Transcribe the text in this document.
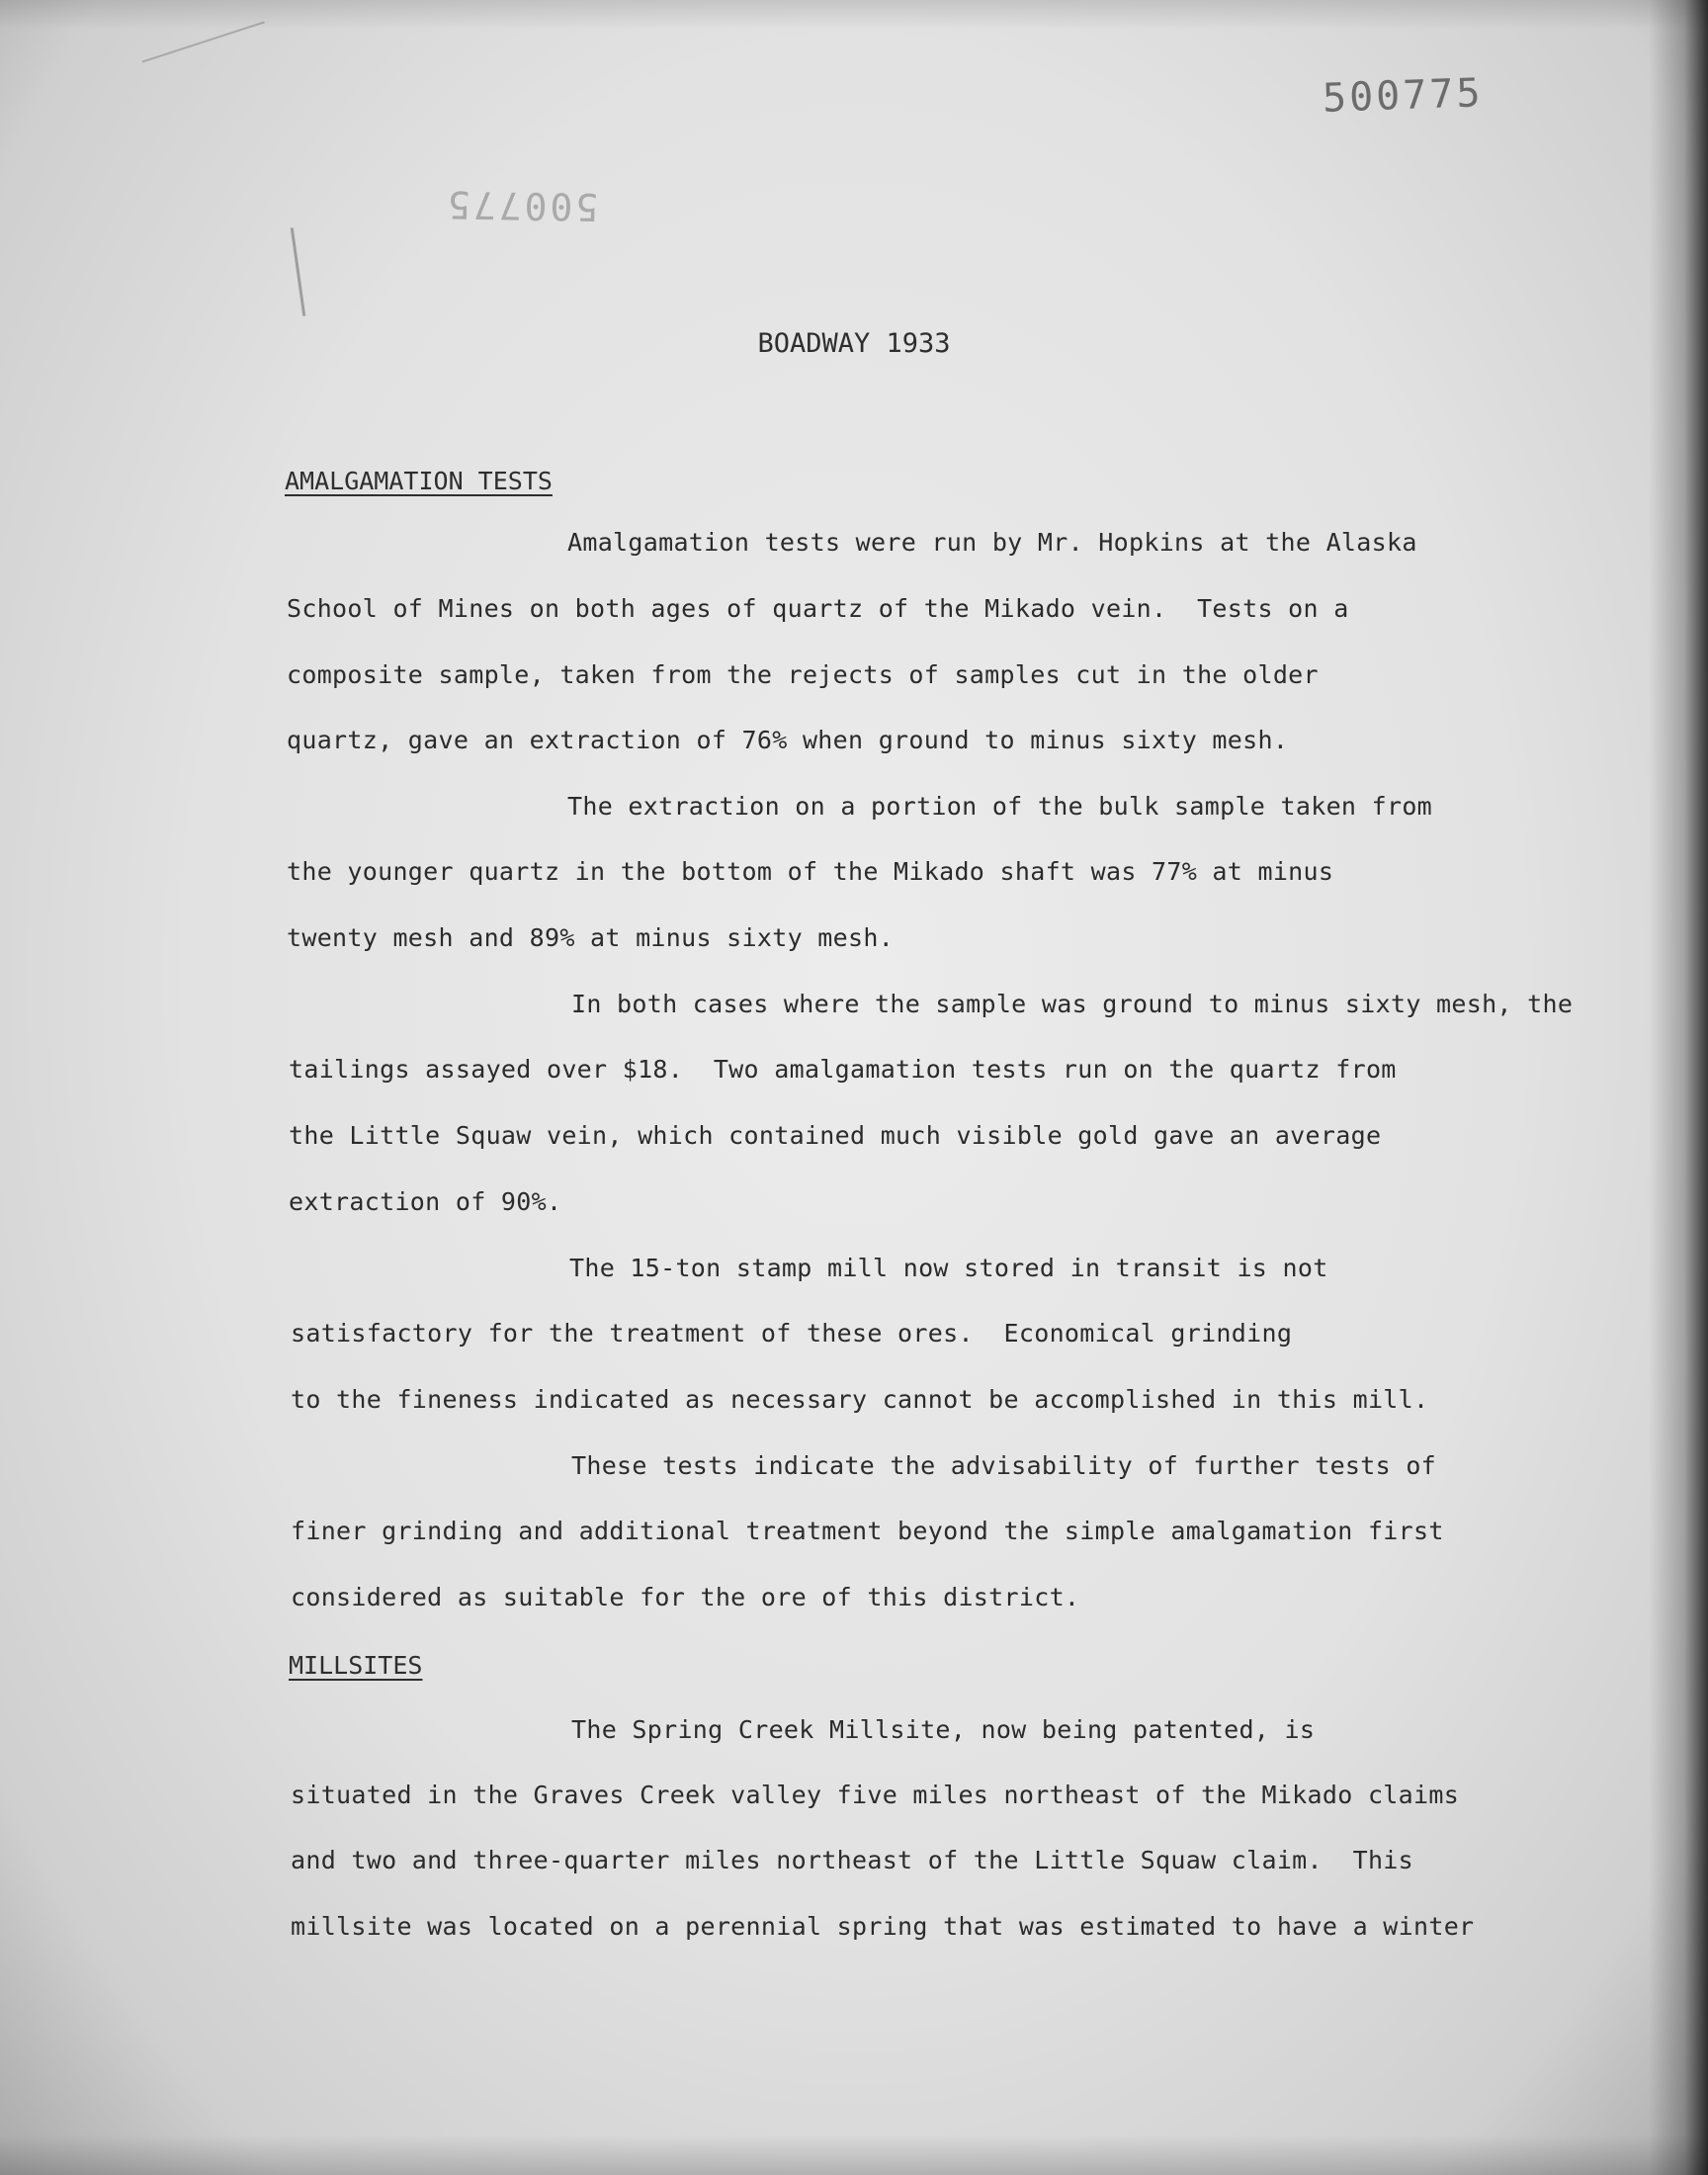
500775
500775
BOADWAY 1933
AMALGAMATION TESTS
Amalgamation tests were run by Mr. Hopkins at the Alaska
School of Mines on both ages of quartz of the Mikado vein.  Tests on a
composite sample, taken from the rejects of samples cut in the older
quartz, gave an extraction of 76% when ground to minus sixty mesh.
The extraction on a portion of the bulk sample taken from
the younger quartz in the bottom of the Mikado shaft was 77% at minus
twenty mesh and 89% at minus sixty mesh.
In both cases where the sample was ground to minus sixty mesh, the
tailings assayed over $18.  Two amalgamation tests run on the quartz from
the Little Squaw vein, which contained much visible gold gave an average
extraction of 90%.
The 15-ton stamp mill now stored in transit is not
satisfactory for the treatment of these ores.  Economical grinding
to the fineness indicated as necessary cannot be accomplished in this mill.
These tests indicate the advisability of further tests of
finer grinding and additional treatment beyond the simple amalgamation first
considered as suitable for the ore of this district.
MILLSITES
The Spring Creek Millsite, now being patented, is
situated in the Graves Creek valley five miles northeast of the Mikado claims
and two and three-quarter miles northeast of the Little Squaw claim.  This
millsite was located on a perennial spring that was estimated to have a winter
